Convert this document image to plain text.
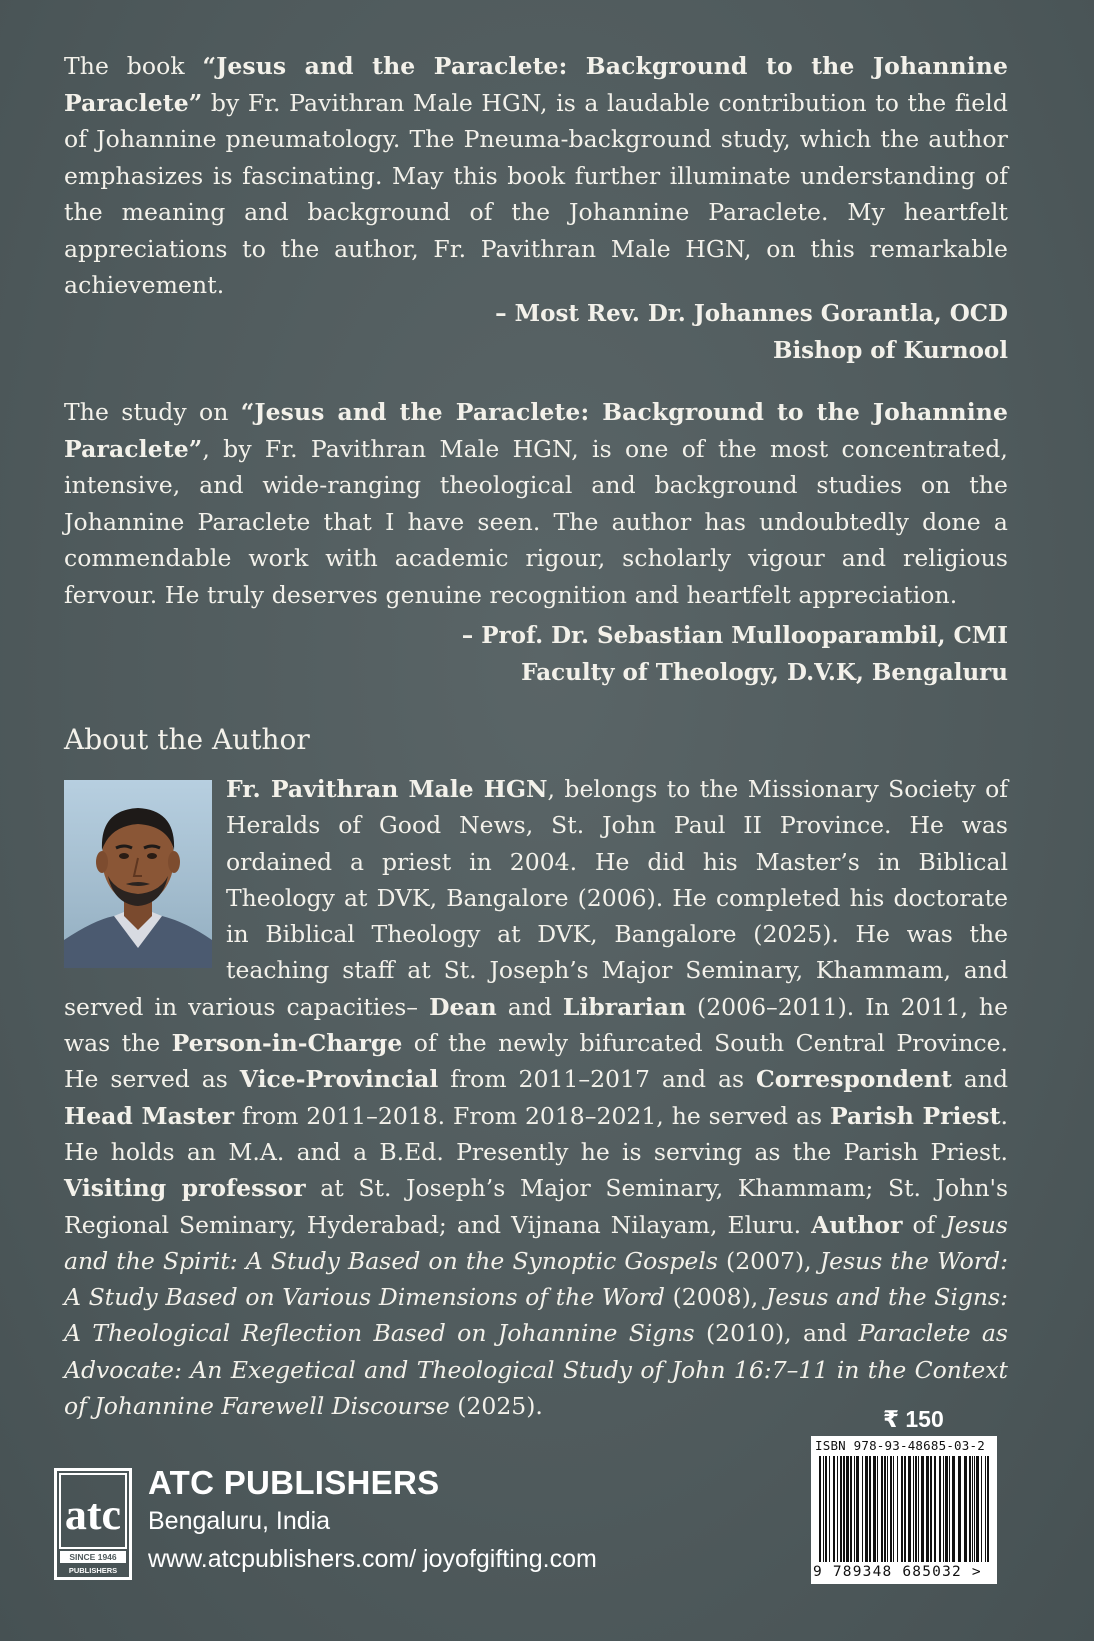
The book “Jesus and the Paraclete: Background to the Johannine Paraclete” by Fr. Pavithran Male HGN, is a laudable contribution to the field of Johannine pneumatology. The Pneuma-background study, which the author emphasizes is fascinating. May this book further illuminate understanding of the meaning and background of the Johannine Paraclete. My heartfelt appreciations to the author, Fr. Pavithran Male HGN, on this remarkable achievement.

– Most Rev. Dr. Johannes Gorantla, OCD
Bishop of Kurnool

The study on “Jesus and the Paraclete: Background to the Johannine Paraclete”, by Fr. Pavithran Male HGN, is one of the most concentrated, intensive, and wide-ranging theological and background studies on the Johannine Paraclete that I have seen. The author has undoubtedly done a commendable work with academic rigour, scholarly vigour and religious fervour. He truly deserves genuine recognition and heartfelt appreciation.

– Prof. Dr. Sebastian Mullooparambil, CMI
Faculty of Theology, D.V.K, Bengaluru
About the Author

Fr. Pavithran Male HGN, belongs to the Missionary Society of Heralds of Good News, St. John Paul II Province. He was ordained a priest in 2004. He did his Master’s in Biblical Theology at DVK, Bangalore (2006). He completed his doctorate in Biblical Theology at DVK, Bangalore (2025). He was the teaching staff at St. Joseph’s Major Seminary, Khammam, and served in various capacities– Dean and Librarian (2006–2011). In 2011, he was the Person-in-Charge of the newly bifurcated South Central Province. He served as Vice-Provincial from 2011–2017 and as Correspondent and Head Master from 2011–2018. From 2018–2021, he served as Parish Priest. He holds an M.A. and a B.Ed. Presently he is serving as the Parish Priest. Visiting professor at St. Joseph’s Major Seminary, Khammam; St. John's Regional Seminary, Hyderabad; and Vijnana Nilayam, Eluru. Author of Jesus and the Spirit: A Study Based on the Synoptic Gospels (2007), Jesus the Word: A Study Based on Various Dimensions of the Word (2008), Jesus and the Signs: A Theological Reflection Based on Johannine Signs (2010), and Paraclete as Advocate: An Exegetical and Theological Study of John 16:7–11 in the Context of Johannine Farewell Discourse (2025).	₹ 150
ISBN 978-93-48685-03-2
9 789348 685032 >
atc
SINCE 1946
PUBLISHERS
ATC PUBLISHERS
Bengaluru, India
www.atcpublishers.com/ joyofgifting.com
